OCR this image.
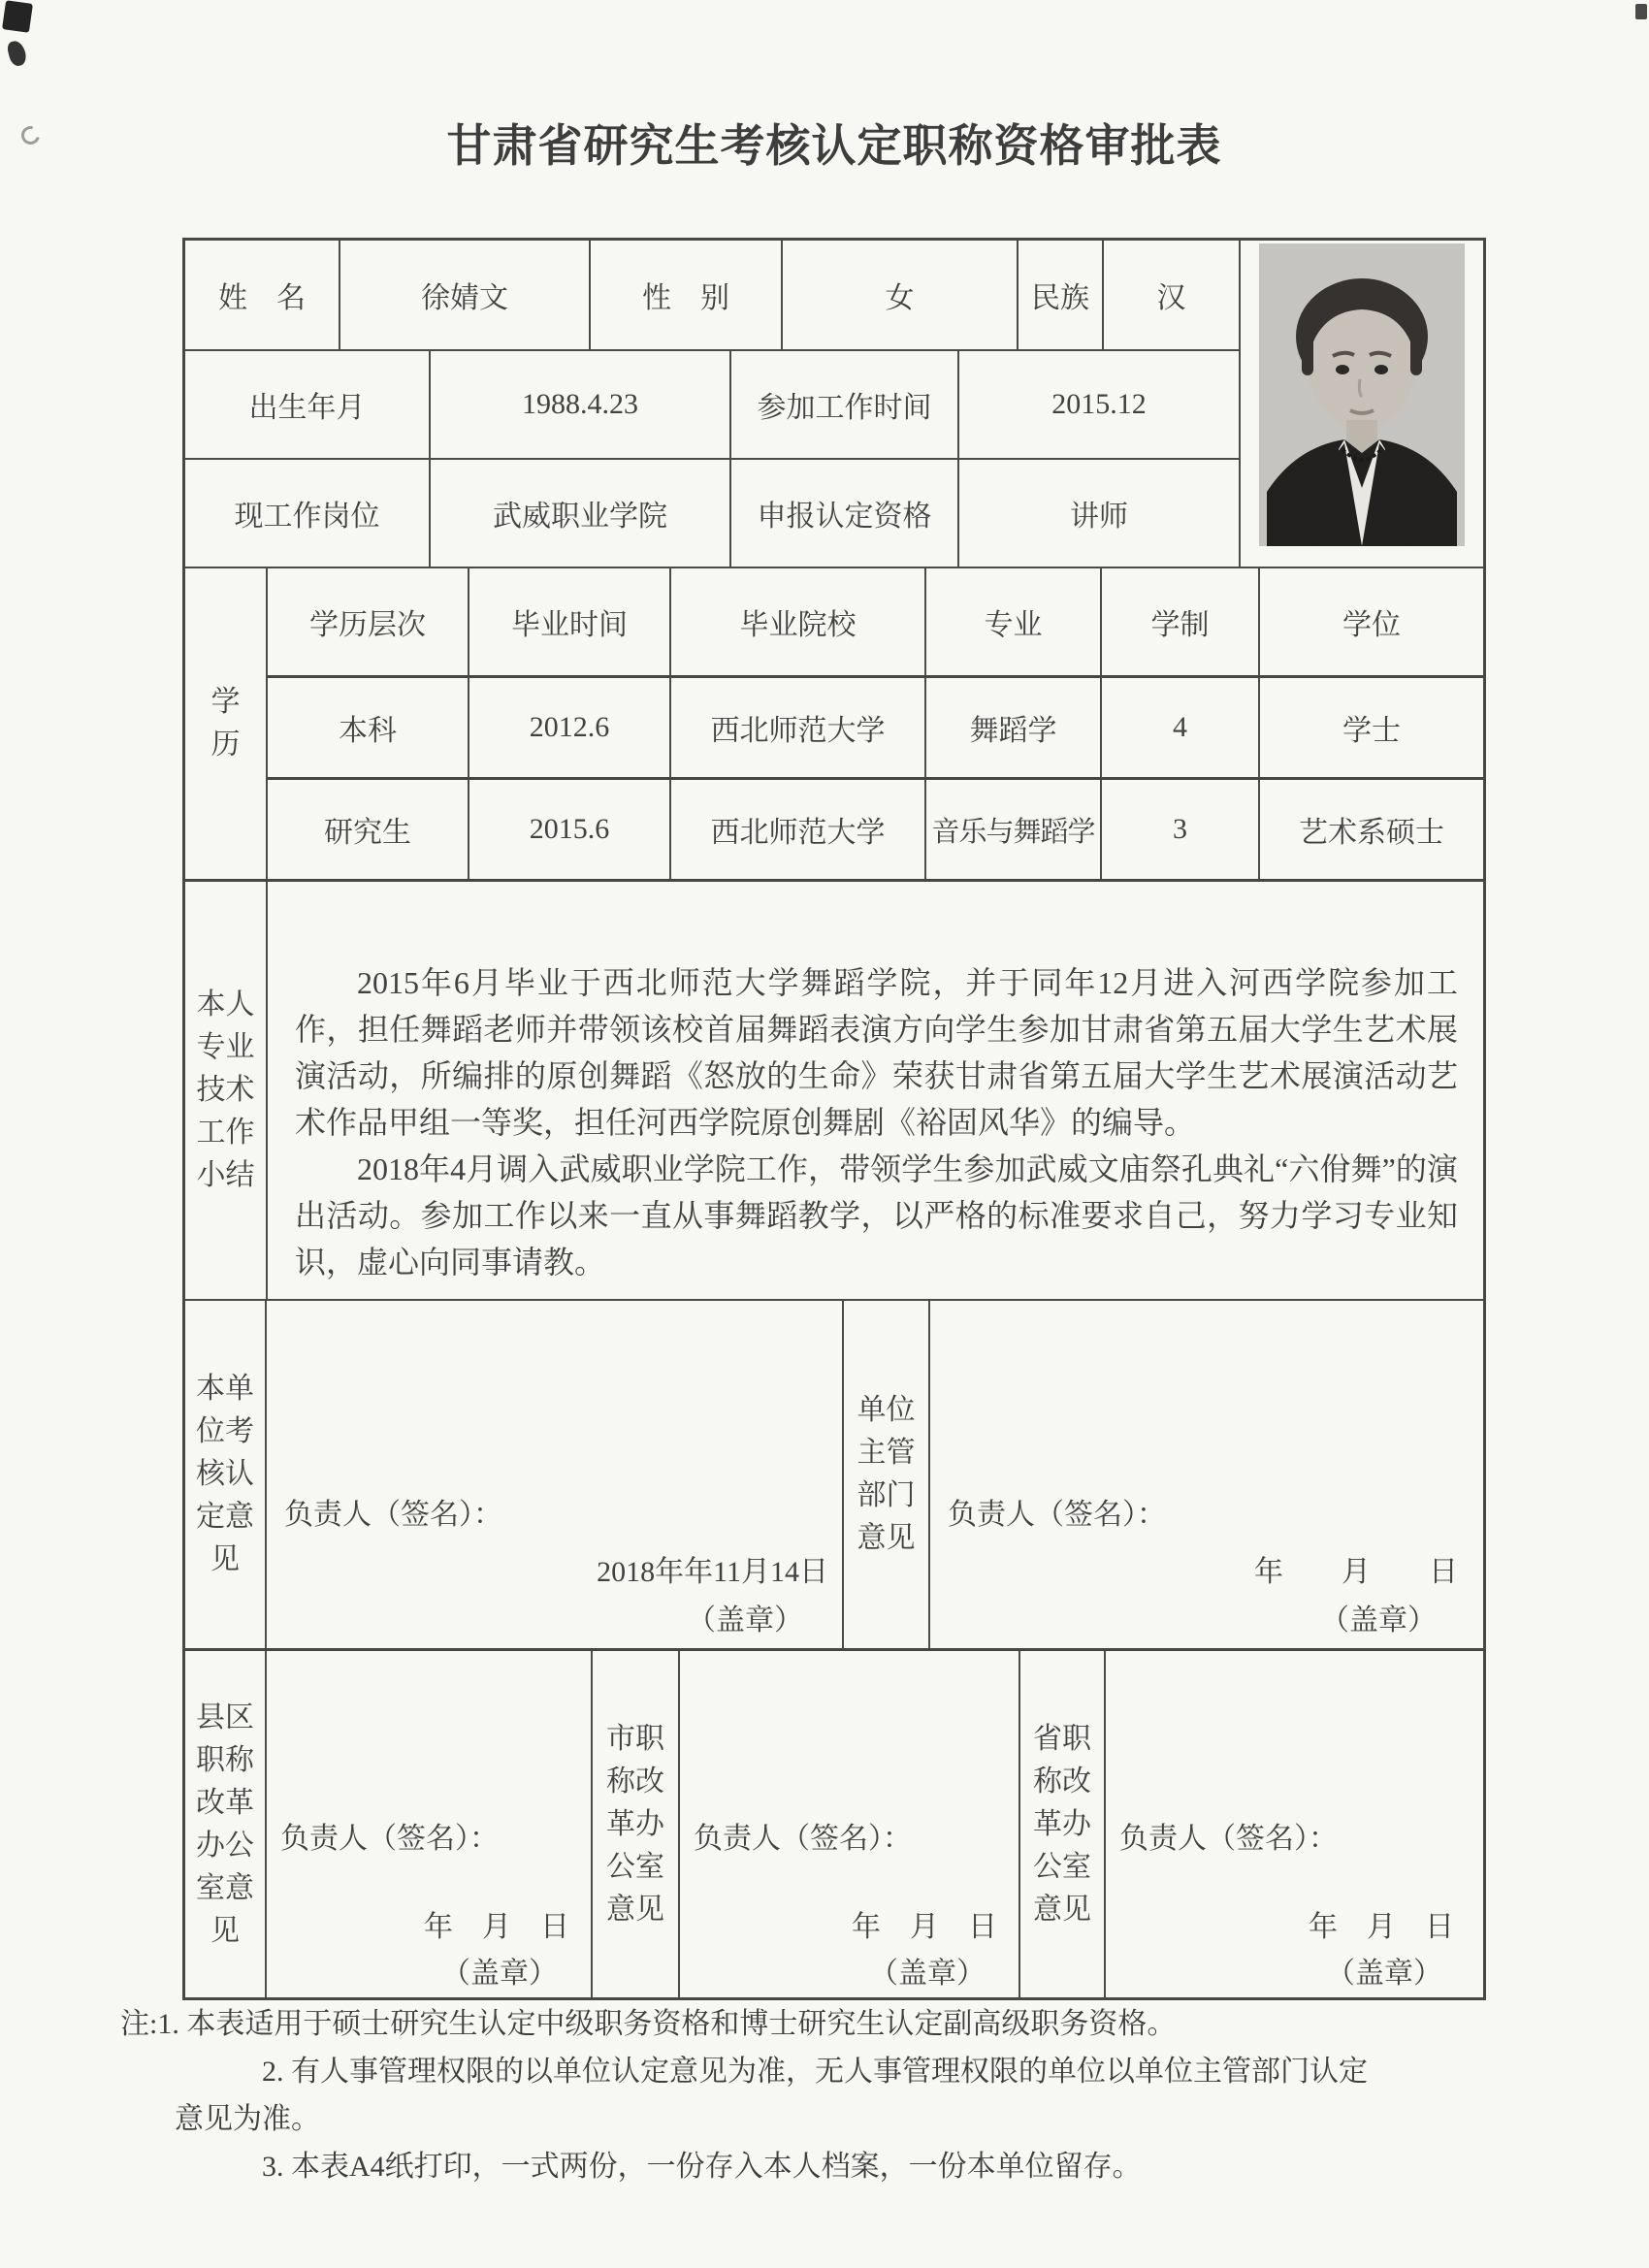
甘肃省研究生考核认定职称资格审批表
姓　名	徐婧文	性　别	女	民族	汉
出生年月	1988.4.23	参加工作时间	2015.12
现工作岗位	武威职业学院	申报认定资格	讲师
学历
学历层次	毕业时间	毕业院校	专业	学制	学位
本科	2012.6	西北师范大学	舞蹈学	4	学士
研究生	2015.6	西北师范大学	音乐与舞蹈学	3	艺术系硕士
本人专业技术工作小结

2015年6月毕业于西北师范大学舞蹈学院，并于同年12月进入河西学院参加工作，担任舞蹈老师并带领该校首届舞蹈表演方向学生参加甘肃省第五届大学生艺术展演活动，所编排的原创舞蹈《怒放的生命》荣获甘肃省第五届大学生艺术展演活动艺术作品甲组一等奖，担任河西学院原创舞剧《裕固风华》的编导。

2018年4月调入武威职业学院工作，带领学生参加武威文庙祭孔典礼“六佾舞”的演出活动。参加工作以来一直从事舞蹈教学，以严格的标准要求自己，努力学习专业知识，虚心向同事请教。

本单位考核认定意见
负责人（签名）：
2018年年11月14日
（盖章）
单位主管部门意见
负责人（签名）：
年　　月　　日
（盖章）
县区职称改革办公室意见
负责人（签名）：
年　月　日
（盖章）
市职称改革办公室意见
负责人（签名）：
年　月　日
（盖章）
省职称改革办公室意见
负责人（签名）：
年　月　日
（盖章）
注:1. 本表适用于硕士研究生认定中级职务资格和博士研究生认定副高级职务资格。
2. 有人事管理权限的以单位认定意见为准，无人事管理权限的单位以单位主管部门认定
意见为准。
3. 本表A4纸打印，一式两份，一份存入本人档案，一份本单位留存。
